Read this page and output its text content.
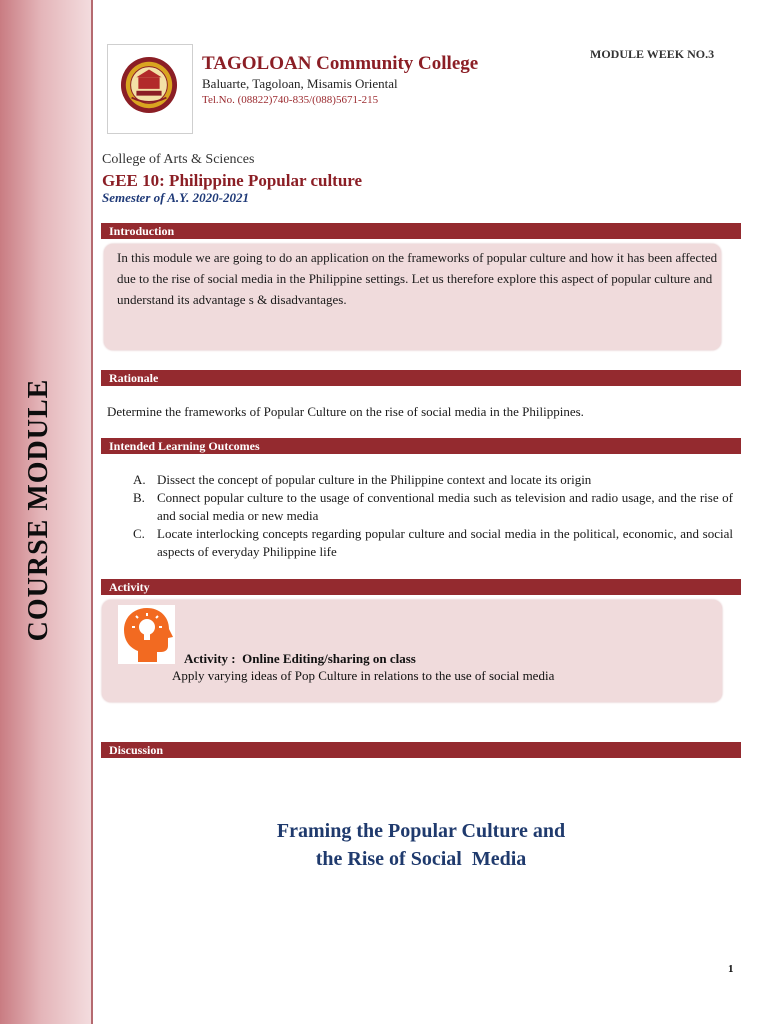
COURSE MODULE
TAGOLOAN Community College
Baluarte, Tagoloan, Misamis Oriental
Tel.No. (08822)740-835/(088)5671-215
MODULE WEEK NO.3
College of Arts & Sciences
GEE 10: Philippine Popular culture
Semester of A.Y. 2020-2021
Introduction
In this module we are going to do an application on the frameworks of popular culture and how it has been affected due to the rise of social media in the Philippine settings. Let us therefore explore this aspect of popular culture and understand its advantage s & disadvantages.
Rationale
Determine the frameworks of Popular Culture on the rise of social media in the Philippines.
Intended Learning Outcomes
A. Dissect the concept of popular culture in the Philippine context and locate its origin
B. Connect popular culture to the usage of conventional media such as television and radio usage, and the rise of and social media or new media
C. Locate interlocking concepts regarding popular culture and social media in the political, economic, and social aspects of everyday Philippine life
Activity
Activity :  Online Editing/sharing on class
Apply varying ideas of Pop Culture in relations to the use of social media
Discussion
Framing the Popular Culture and
the Rise of Social  Media
1
